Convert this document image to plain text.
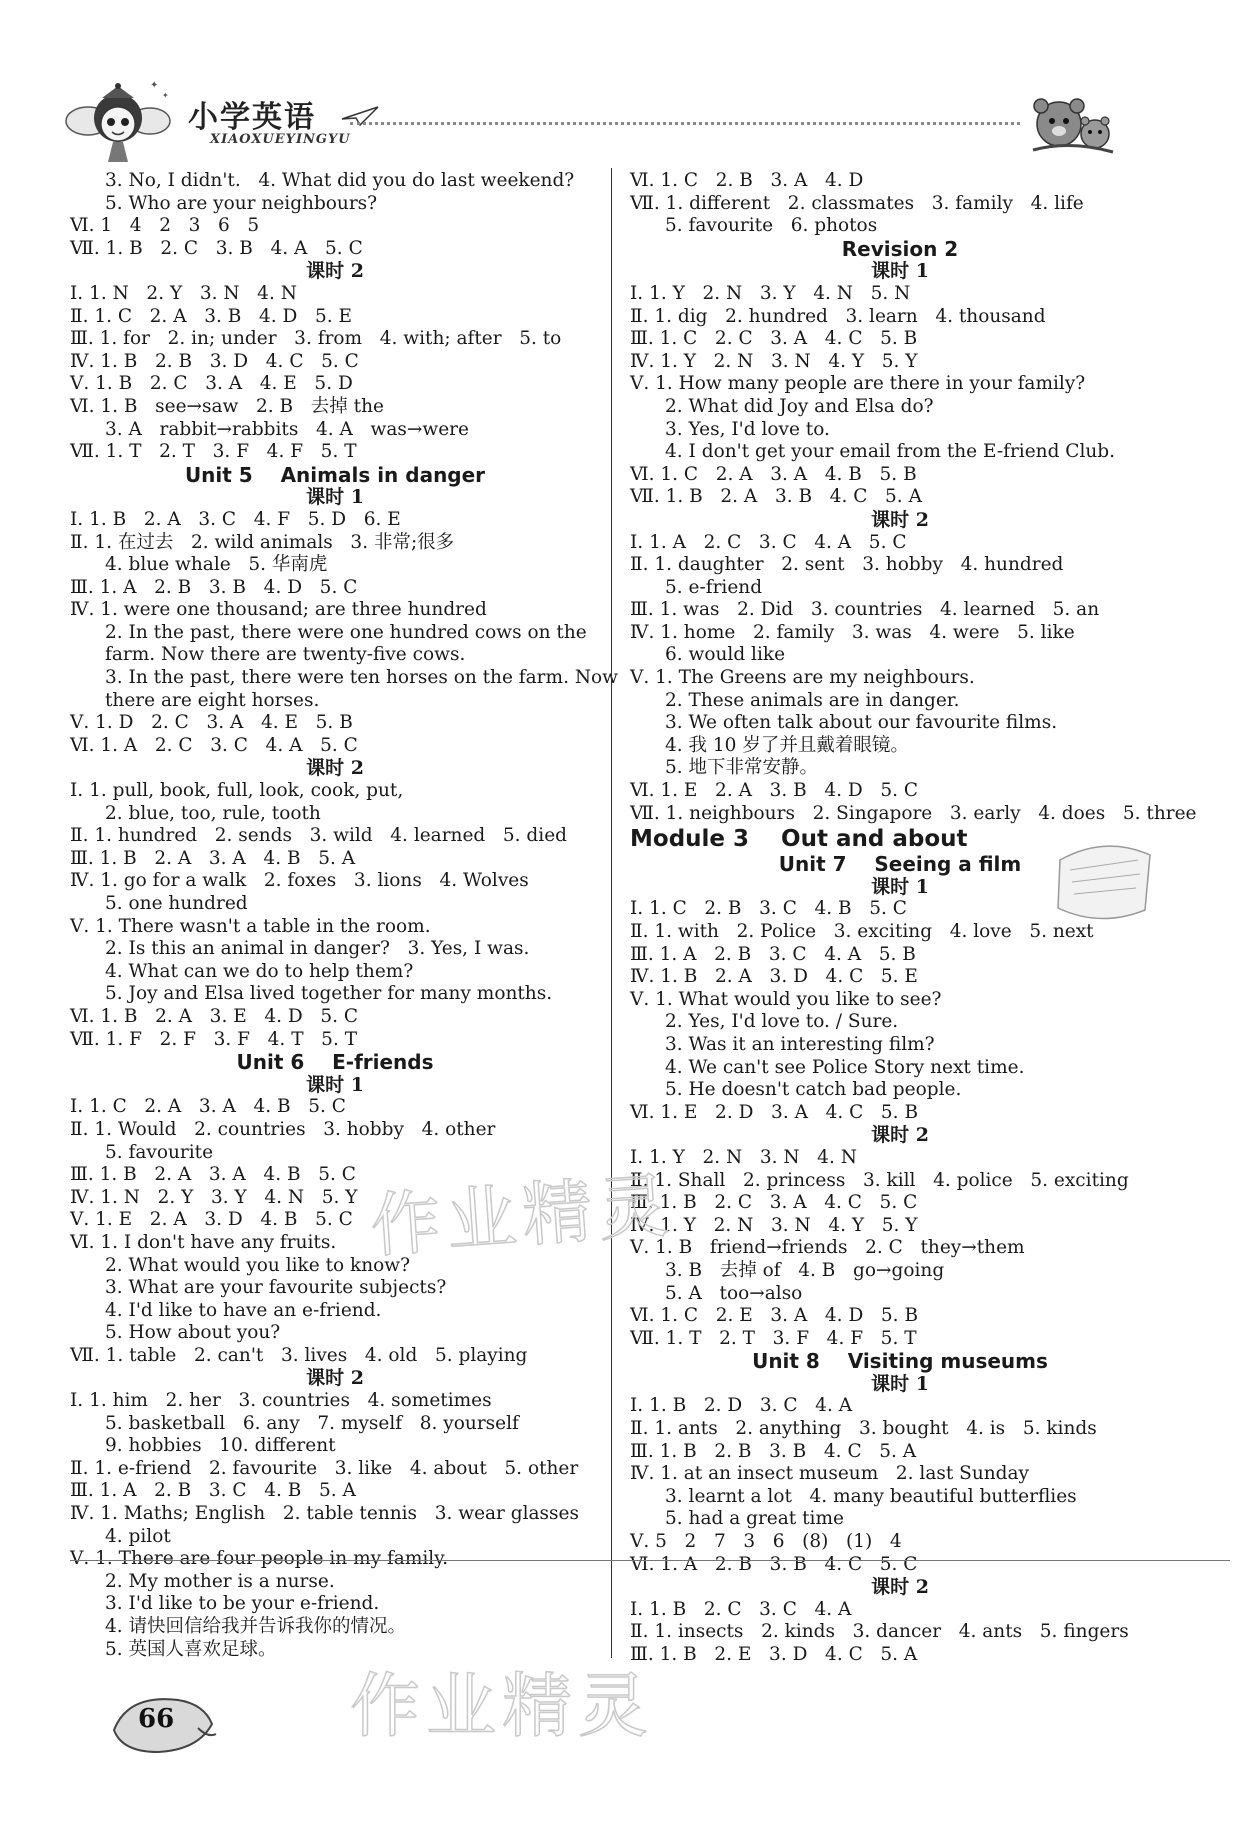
✦
✦
小学英语
XIAOXUEYINGYU
3. No, I didn't.   4. What did you do last weekend?
5. Who are your neighbours?
Ⅵ. 1   4   2   3   6   5
Ⅶ. 1. B   2. C   3. B   4. A   5. C
课时 2
Ⅰ. 1. N   2. Y   3. N   4. N
Ⅱ. 1. C   2. A   3. B   4. D   5. E
Ⅲ. 1. for   2. in; under   3. from   4. with; after   5. to
Ⅳ. 1. B   2. B   3. D   4. C   5. C
Ⅴ. 1. B   2. C   3. A   4. E   5. D
Ⅵ. 1. B   see→saw   2. B   去掉 the
3. A   rabbit→rabbits   4. A   was→were
Ⅶ. 1. T   2. T   3. F   4. F   5. T
Unit 5    Animals in danger
课时 1
Ⅰ. 1. B   2. A   3. C   4. F   5. D   6. E
Ⅱ. 1. 在过去   2. wild animals   3. 非常;很多
4. blue whale   5. 华南虎
Ⅲ. 1. A   2. B   3. B   4. D   5. C
Ⅳ. 1. were one thousand; are three hundred
2. In the past, there were one hundred cows on the
farm. Now there are twenty-five cows.
3. In the past, there were ten horses on the farm. Now
there are eight horses.
Ⅴ. 1. D   2. C   3. A   4. E   5. B
Ⅵ. 1. A   2. C   3. C   4. A   5. C
课时 2
Ⅰ. 1. pull, book, full, look, cook, put,
2. blue, too, rule, tooth
Ⅱ. 1. hundred   2. sends   3. wild   4. learned   5. died
Ⅲ. 1. B   2. A   3. A   4. B   5. A
Ⅳ. 1. go for a walk   2. foxes   3. lions   4. Wolves
5. one hundred
Ⅴ. 1. There wasn't a table in the room.
2. Is this an animal in danger?   3. Yes, I was.
4. What can we do to help them?
5. Joy and Elsa lived together for many months.
Ⅵ. 1. B   2. A   3. E   4. D   5. C
Ⅶ. 1. F   2. F   3. F   4. T   5. T
Unit 6    E-friends
课时 1
Ⅰ. 1. C   2. A   3. A   4. B   5. C
Ⅱ. 1. Would   2. countries   3. hobby   4. other
5. favourite
Ⅲ. 1. B   2. A   3. A   4. B   5. C
Ⅳ. 1. N   2. Y   3. Y   4. N   5. Y
Ⅴ. 1. E   2. A   3. D   4. B   5. C
Ⅵ. 1. I don't have any fruits.
2. What would you like to know?
3. What are your favourite subjects?
4. I'd like to have an e-friend.
5. How about you?
Ⅶ. 1. table   2. can't   3. lives   4. old   5. playing
课时 2
Ⅰ. 1. him   2. her   3. countries   4. sometimes
5. basketball   6. any   7. myself   8. yourself
9. hobbies   10. different
Ⅱ. 1. e-friend   2. favourite   3. like   4. about   5. other
Ⅲ. 1. A   2. B   3. C   4. B   5. A
Ⅳ. 1. Maths; English   2. table tennis   3. wear glasses
4. pilot
Ⅴ. 1. There are four people in my family.
2. My mother is a nurse.
3. I'd like to be your e-friend.
4. 请快回信给我并告诉我你的情况。
5. 英国人喜欢足球。
Ⅵ. 1. C   2. B   3. A   4. D
Ⅶ. 1. different   2. classmates   3. family   4. life
5. favourite   6. photos
Revision 2
课时 1
Ⅰ. 1. Y   2. N   3. Y   4. N   5. N
Ⅱ. 1. dig   2. hundred   3. learn   4. thousand
Ⅲ. 1. C   2. C   3. A   4. C   5. B
Ⅳ. 1. Y   2. N   3. N   4. Y   5. Y
Ⅴ. 1. How many people are there in your family?
2. What did Joy and Elsa do?
3. Yes, I'd love to.
4. I don't get your email from the E-friend Club.
Ⅵ. 1. C   2. A   3. A   4. B   5. B
Ⅶ. 1. B   2. A   3. B   4. C   5. A
课时 2
Ⅰ. 1. A   2. C   3. C   4. A   5. C
Ⅱ. 1. daughter   2. sent   3. hobby   4. hundred
5. e-friend
Ⅲ. 1. was   2. Did   3. countries   4. learned   5. an
Ⅳ. 1. home   2. family   3. was   4. were   5. like
6. would like
Ⅴ. 1. The Greens are my neighbours.
2. These animals are in danger.
3. We often talk about our favourite films.
4. 我 10 岁了并且戴着眼镜。
5. 地下非常安静。
Ⅵ. 1. E   2. A   3. B   4. D   5. C
Ⅶ. 1. neighbours   2. Singapore   3. early   4. does   5. three
Module 3    Out and about
Unit 7    Seeing a film
课时 1
Ⅰ. 1. C   2. B   3. C   4. B   5. C
Ⅱ. 1. with   2. Police   3. exciting   4. love   5. next
Ⅲ. 1. A   2. B   3. C   4. A   5. B
Ⅳ. 1. B   2. A   3. D   4. C   5. E
Ⅴ. 1. What would you like to see?
2. Yes, I'd love to. / Sure.
3. Was it an interesting film?
4. We can't see Police Story next time.
5. He doesn't catch bad people.
Ⅵ. 1. E   2. D   3. A   4. C   5. B
课时 2
Ⅰ. 1. Y   2. N   3. N   4. N
Ⅱ. 1. Shall   2. princess   3. kill   4. police   5. exciting
Ⅲ. 1. B   2. C   3. A   4. C   5. C
Ⅳ. 1. Y   2. N   3. N   4. Y   5. Y
Ⅴ. 1. B   friend→friends   2. C   they→them
3. B   去掉 of   4. B   go→going
5. A   too→also
Ⅵ. 1. C   2. E   3. A   4. D   5. B
Ⅶ. 1. T   2. T   3. F   4. F   5. T
Unit 8    Visiting museums
课时 1
Ⅰ. 1. B   2. D   3. C   4. A
Ⅱ. 1. ants   2. anything   3. bought   4. is   5. kinds
Ⅲ. 1. B   2. B   3. B   4. C   5. A
Ⅳ. 1. at an insect museum   2. last Sunday
3. learnt a lot   4. many beautiful butterflies
5. had a great time
Ⅴ. 5   2   7   3   6   (8)   (1)   4
Ⅵ. 1. A   2. B   3. B   4. C   5. C
课时 2
Ⅰ. 1. B   2. C   3. C   4. A
Ⅱ. 1. insects   2. kinds   3. dancer   4. ants   5. fingers
Ⅲ. 1. B   2. E   3. D   4. C   5. A
作业精灵
作业精灵
66
